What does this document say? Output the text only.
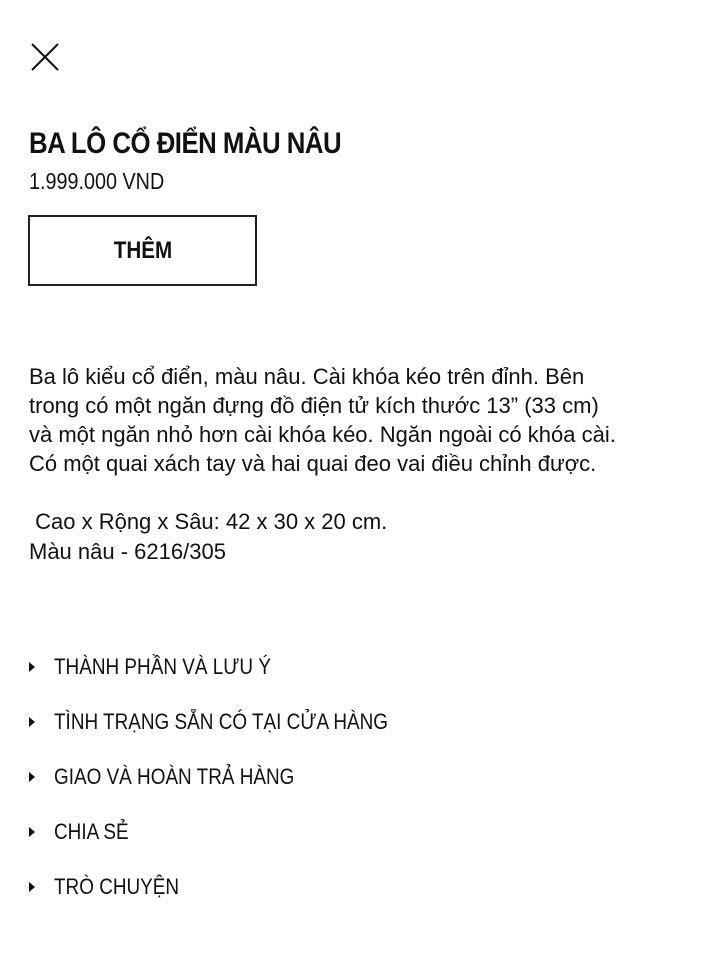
BA LÔ CỔ ĐIỂN MÀU NÂU
1.999.000 VND
THÊM

Ba lô kiểu cổ điển, màu nâu. Cài khóa kéo trên đỉnh. Bên

trong có một ngăn đựng đồ điện tử kích thước 13” (33 cm)

và một ngăn nhỏ hơn cài khóa kéo. Ngăn ngoài có khóa cài.

Có một quai xách tay và hai quai đeo vai điều chỉnh được.

Cao x Rộng x Sâu: 42 x 30 x 20 cm.

Màu nâu - 6216/305

THÀNH PHẦN VÀ LƯU Ý
TÌNH TRẠNG SẴN CÓ TẠI CỬA HÀNG
GIAO VÀ HOÀN TRẢ HÀNG
CHIA SẺ
TRÒ CHUYỆN
